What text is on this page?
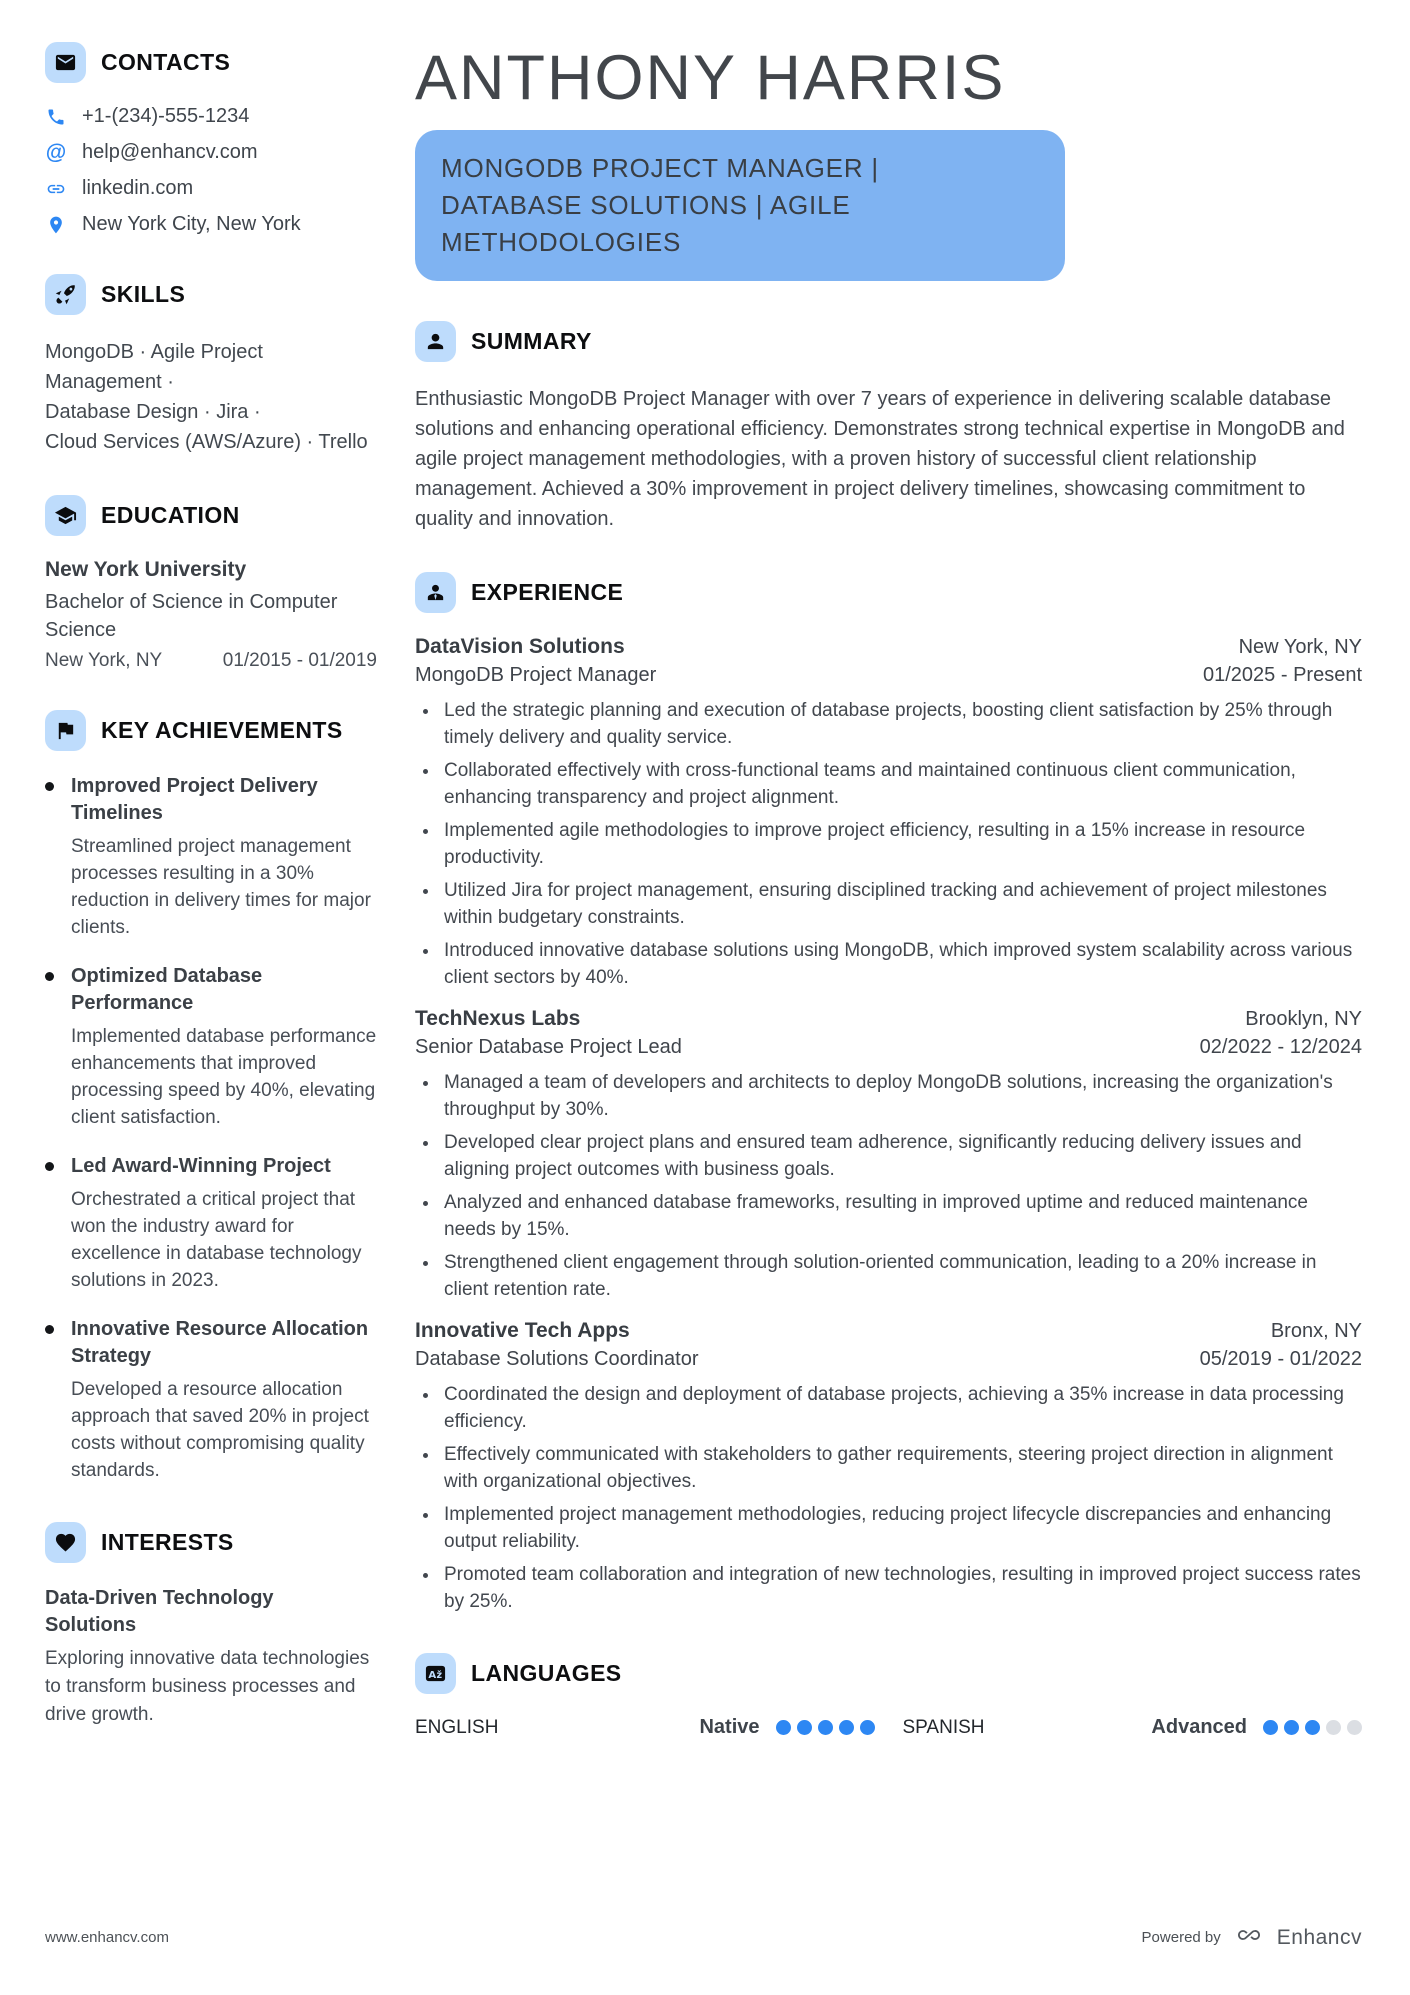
CONTACTS
+1-(234)-555-1234
@ help@enhancv.com
linkedin.com
New York City, New York
SKILLS
MongoDB · Agile Project Management ·
Database Design · Jira ·
Cloud Services (AWS/Azure) · Trello
EDUCATION
New York University
Bachelor of Science in Computer Science
New York, NY	01/2015 - 01/2019
KEY ACHIEVEMENTS
Improved Project Delivery Timelines
Streamlined project management processes resulting in a 30% reduction in delivery times for major clients.
Optimized Database Performance
Implemented database performance enhancements that improved processing speed by 40%, elevating client satisfaction.
Led Award-Winning Project
Orchestrated a critical project that won the industry award for excellence in database technology solutions in 2023.
Innovative Resource Allocation Strategy
Developed a resource allocation approach that saved 20% in project costs without compromising quality standards.
INTERESTS
Data-Driven Technology Solutions
Exploring innovative data technologies to transform business processes and drive growth.
ANTHONY HARRIS
MONGODB PROJECT MANAGER | DATABASE SOLUTIONS | AGILE METHODOLOGIES
SUMMARY

Enthusiastic MongoDB Project Manager with over 7 years of experience in delivering scalable database solutions and enhancing operational efficiency. Demonstrates strong technical expertise in MongoDB and agile project management methodologies, with a proven history of successful client relationship management. Achieved a 30% improvement in project delivery timelines, showcasing commitment to quality and innovation.

EXPERIENCE
DataVision Solutions	New York, NY
MongoDB Project Manager	01/2025 - Present
• Led the strategic planning and execution of database projects, boosting client satisfaction by 25% through timely delivery and quality service.
• Collaborated effectively with cross-functional teams and maintained continuous client communication, enhancing transparency and project alignment.
• Implemented agile methodologies to improve project efficiency, resulting in a 15% increase in resource productivity.
• Utilized Jira for project management, ensuring disciplined tracking and achievement of project milestones within budgetary constraints.
• Introduced innovative database solutions using MongoDB, which improved system scalability across various client sectors by 40%.
TechNexus Labs	Brooklyn, NY
Senior Database Project Lead	02/2022 - 12/2024
• Managed a team of developers and architects to deploy MongoDB solutions, increasing the organization's throughput by 30%.
• Developed clear project plans and ensured team adherence, significantly reducing delivery issues and aligning project outcomes with business goals.
• Analyzed and enhanced database frameworks, resulting in improved uptime and reduced maintenance needs by 15%.
• Strengthened client engagement through solution-oriented communication, leading to a 20% increase in client retention rate.
Innovative Tech Apps	Bronx, NY
Database Solutions Coordinator	05/2019 - 01/2022
• Coordinated the design and deployment of database projects, achieving a 35% increase in data processing efficiency.
• Effectively communicated with stakeholders to gather requirements, steering project direction in alignment with organizational objectives.
• Implemented project management methodologies, reducing project lifecycle discrepancies and enhancing output reliability.
• Promoted team collaboration and integration of new technologies, resulting in improved project success rates by 25%.
A ž LANGUAGES
ENGLISH	Native	SPANISH	Advanced
www.enhancv.com	Powered by	Enhancv
